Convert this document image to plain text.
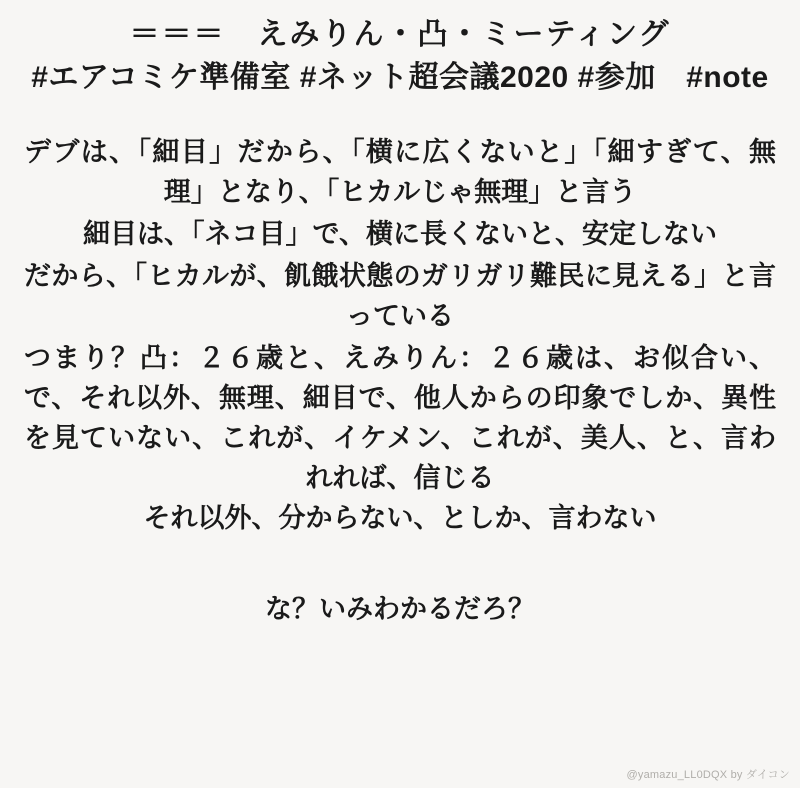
＝＝＝　えみりん・凸・ミーティング
#エアコミケ準備室 #ネット超会議2020 #参加　#note

デブは、「細目」だから、「横に広くないと」「細すぎて、無理」となり、「ヒカルじゃ無理」と言う

細目は、「ネコ目」で、横に長くないと、安定しない

だから、「ヒカルが、飢餓状態のガリガリ難民に見える」と言っている

つまり？凸：２６歳と、えみりん：２６歳は、お似合い、で、それ以外、無理、細目で、他人からの印象でしか、異性を見ていない、これが、イケメン、これが、美人、と、言われれば、信じる

それ以外、分からない、としか、言わない

な？いみわかるだろ？
@yamazu_LL0DQX by ダイコン
